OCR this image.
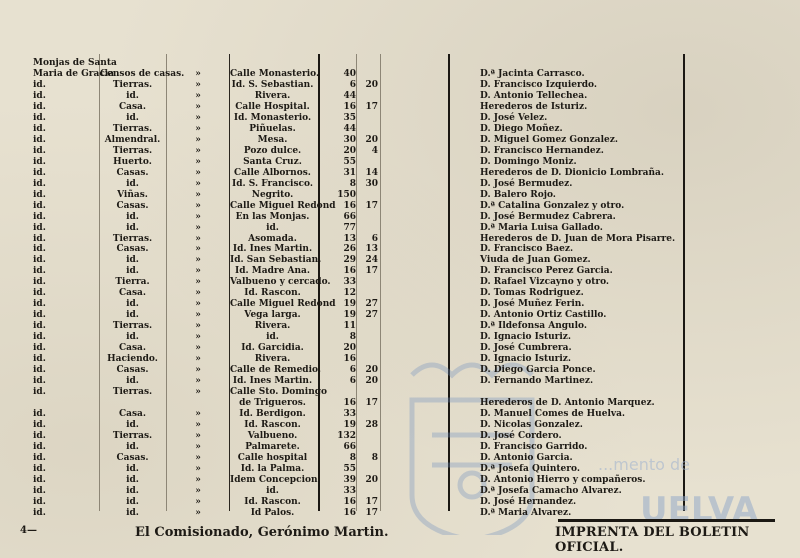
...mento de
UELVA
Monjas de Santa
Maria de Gracia
Censos de casas.	»	Calle Monasterio.	40	D.ª Jacinta Carrasco.
id.	Tierras.	»	Id. S. Sebastian.	6	20	D. Francisco Izquierdo.
id.	id.	»	Rivera.	44	D. Antonio Tellechea.
id.	Casa.	»	Calle Hospital.	16	17	Herederos de Isturiz.
id.	id.	»	Id. Monasterio.	35	D. José Velez.
id.	Tierras.	»	Piñuelas.	44	D. Diego Moñez.
id.	Almendral.	»	Mesa.	30	20	D. Miguel Gomez Gonzalez.
id.	Tierras.	»	Pozo dulce.	20	4	D. Francisco Hernandez.
id.	Huerto.	»	Santa Cruz.	55	D. Domingo Moniz.
id.	Casas.	»	Calle Albornos.	31	14	Herederos de D. Dionicio Lombraña.
id.	id.	»	Id. S. Francisco.	8	30	D. José Bermudez.
id.	Viñas.	»	Negrito.	150	D. Balero Rojo.
id.	Casas.	»	Calle Miguel Redond 16	17	D.ª Catalina Gonzalez y otro.
id.	id.	»	En las Monjas.	66	D. José Bermudez Cabrera.
id.	id.	»	id.	77	D.ª Maria Luisa Gallado.
id.	Tierras.	»	Asomada.	13	6	Herederos de D. Juan de Mora Pisarre.
id.	Casas.	»	Id. Ines Martin.	26	13	D. Francisco Baez.
id.	id.	»	Id. San Sebastian.	29	24	Viuda de Juan Gomez.
id.	id.	»	Id. Madre Ana.	16	17	D. Francisco Perez Garcia.
id.	Tierra.	»	Valbueno y cercado.	33	D. Rafael Vizcayno y otro.
id.	Casa.	»	Id. Rascon.	12	D. Tomas Rodriguez.
id.	id.	»	Calle Miguel Redond 19	27	D. José Muñez Ferin.
id.	id.	»	Vega larga.	19	27	D. Antonio Ortiz Castillo.
id.	Tierras.	»	Rivera.	11	D.ª Ildefonsa Angulo.
id.	id.	»	id.	8	D. Ignacio Isturiz.
id.	Casa.	»	Id. Garcidia.	20	D. José Cumbrera.
id.	Haciendo.	»	Rivera.	16	D. Ignacio Isturiz.
id.	Casas.	»	Calle de Remedio.	6	20	D. Diego Garcia Ponce.
id.	id.	»	Id. Ines Martin.	6	20	D. Fernando Martinez.
id.	Tierras.	»	Calle Sto. Domingo
de Trigueros.	16	17	Herederos de D. Antonio Marquez.
id.	Casa.	»	Id. Berdigon.	33	D. Manuel Comes de Huelva.
id.	id.	»	Id. Rascon.	19	28	D. Nicolas Gonzalez.
id.	Tierras.	»	Valbueno.	132	D. José Cordero.
id.	id.	»	Palmarete.	66	D. Francisco Garrido.
id.	Casas.	»	Calle hospital	8	8	D. Antonio Garcia.
id.	id.	»	Id. la Palma.	55	D.ª Josefa Quintero.
id.	id.	»	Idem Concepcion.	39	20	D. Antonio Hierro y compañeros.
id.	id.	»	id.	33	D.ª Josefa Camacho Alvarez.
id.	id.	»	Id. Rascon.	16	17	D. José Hernandez.
id.	id.	»	Id Palos.	16	17	D.ª Maria Alvarez.
4—	El Comisionado, Gerónimo Martin.	IMPRENTA DEL BOLETIN OFICIAL.
